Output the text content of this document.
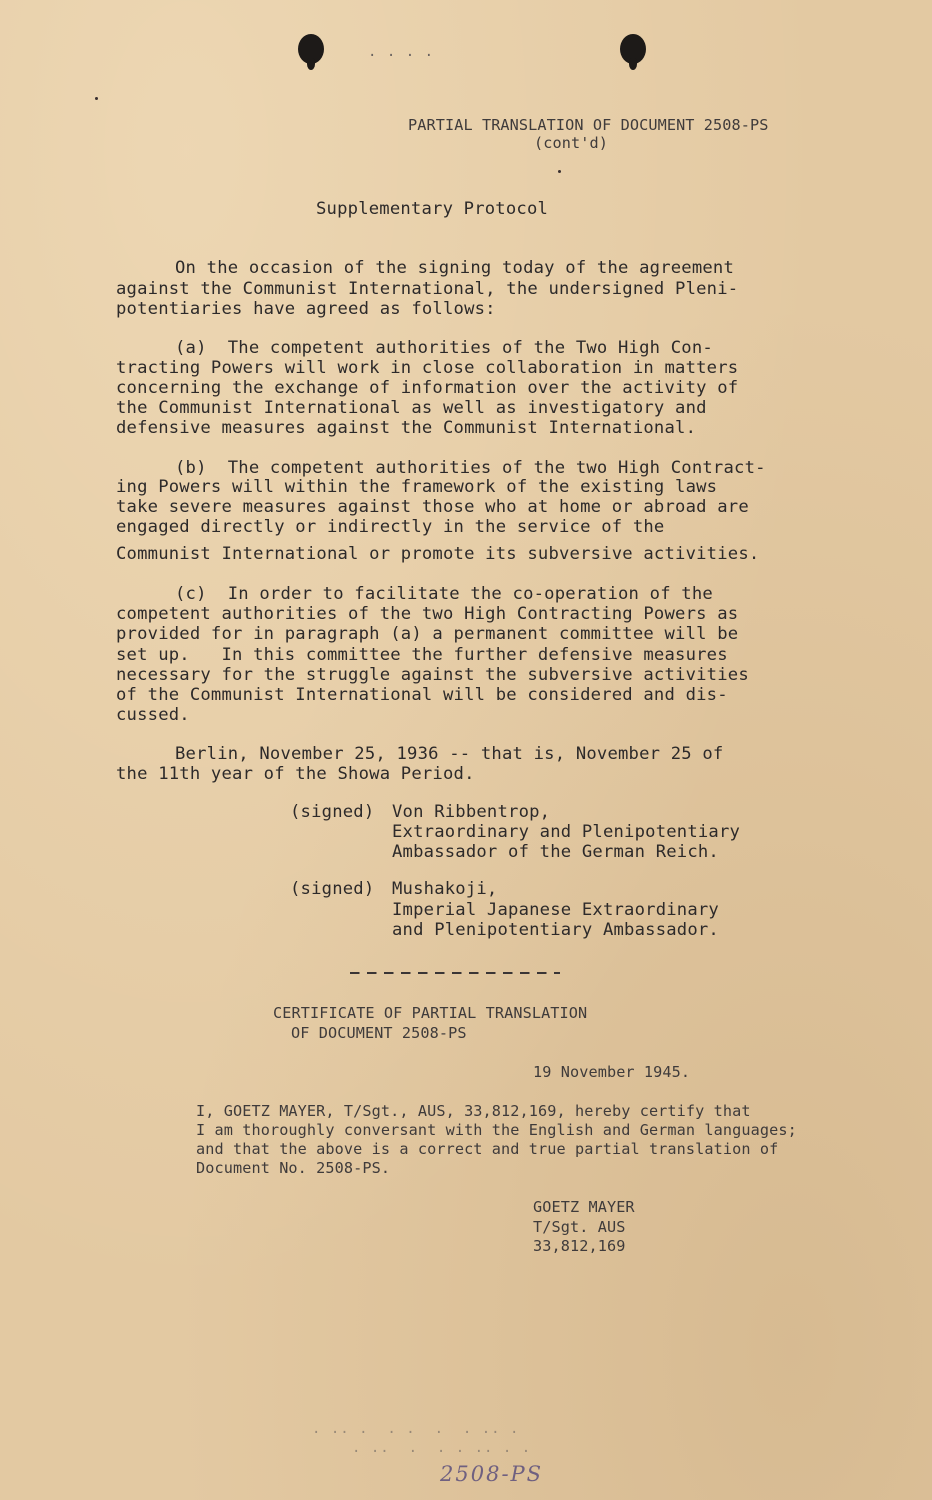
· · · ·
PARTIAL TRANSLATION OF DOCUMENT 2508-PS
(cont'd)
Supplementary Protocol
On the occasion of the signing today of the agreement
against the Communist International, the undersigned Pleni-
potentiaries have agreed as follows:
(a)  The competent authorities of the Two High Con-
tracting Powers will work in close collaboration in matters
concerning the exchange of information over the activity of
the Communist International as well as investigatory and
defensive measures against the Communist International.
(b)  The competent authorities of the two High Contract-
ing Powers will within the framework of the existing laws
take severe measures against those who at home or abroad are
engaged directly or indirectly in the service of the
Communist International or promote its subversive activities.
(c)  In order to facilitate the co-operation of the
competent authorities of the two High Contracting Powers as
provided for in paragraph (a) a permanent committee will be
set up.   In this committee the further defensive measures
necessary for the struggle against the subversive activities
of the Communist International will be considered and dis-
cussed.
Berlin, November 25, 1936 -- that is, November 25 of
the 11th year of the Showa Period.
(signed) Von Ribbentrop,
Extraordinary and Plenipotentiary
Ambassador of the German Reich.
(signed) Mushakoji,
Imperial Japanese Extraordinary
and Plenipotentiary Ambassador.
CERTIFICATE OF PARTIAL TRANSLATION
OF DOCUMENT 2508-PS
19 November 1945.
I, GOETZ MAYER, T/Sgt., AUS, 33,812,169, hereby certify that
I am thoroughly conversant with the English and German languages;
and that the above is a correct and true partial translation of
Document No. 2508-PS.
GOETZ MAYER
T/Sgt. AUS
33,812,169
· ·· ·  · ·  ·  · ·· ·
· ··  ·  · · ·· · ·
2508-PS
